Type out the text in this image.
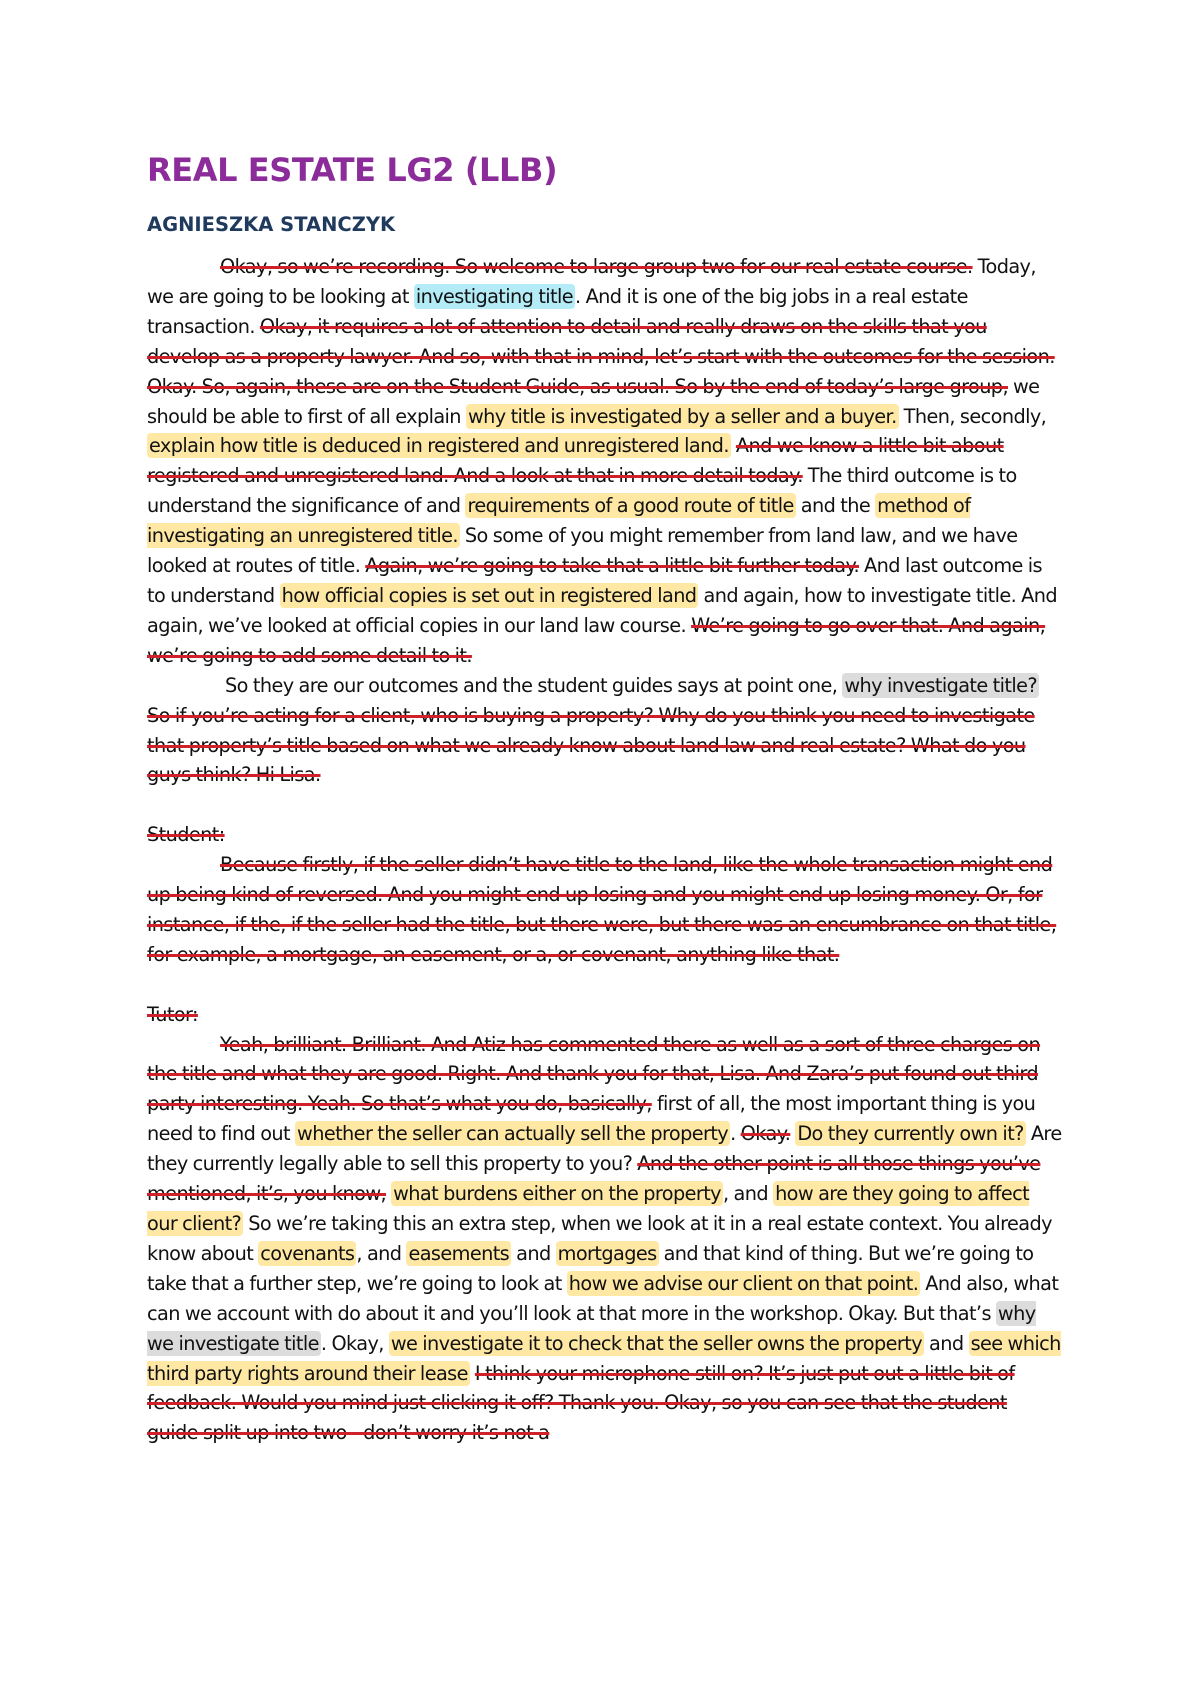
REAL ESTATE LG2 (LLB)
AGNIESZKA STANCZYK

Okay, so we’re recording. So welcome to large group two for our real estate course. Today, we are going to be looking at investigating title . And it is one of the big jobs in a real estate transaction. Okay, it requires a lot of attention to detail and really draws on the skills that you develop as a property lawyer. And so, with that in mind, let’s start with the outcomes for the session. Okay. So, again, these are on the Student Guide, as usual. So by the end of today’s large group, we should be able to first of all explain why title is investigated by a seller and a buyer. Then, secondly, explain how title is deduced in registered and unregistered land. And we know a little bit about registered and unregistered land. And a look at that in more detail today. The third outcome is to understand the significance of and requirements of a good route of title and the method of investigating an unregistered title. So some of you might remember from land law, and we have looked at routes of title. Again, we’re going to take that a little bit further today. And last outcome is to understand how official copies is set out in registered land and again, how to investigate title. And again, we’ve looked at official copies in our land law course. We’re going to go over that. And again, we’re going to add some detail to it.

So they are our outcomes and the student guides says at point one, why investigate title? So if you’re acting for a client, who is buying a property? Why do you think you need to investigate that property’s title based on what we already know about land law and real estate? What do you guys think? Hi Lisa.

Student:

Because firstly, if the seller didn’t have title to the land, like the whole transaction might end up being kind of reversed. And you might end up losing and you might end up losing money. Or, for instance, if the, if the seller had the title, but there were, but there was an encumbrance on that title, for example, a mortgage, an easement, or a, or covenant, anything like that.

Tutor:

Yeah, brilliant. Brilliant. And Atiz has commented there as well as a sort of three charges on the title and what they are good. Right. And thank you for that, Lisa. And Zara’s put found out third party interesting. Yeah. So that’s what you do, basically, first of all, the most important thing is you need to find out whether the seller can actually sell the property . Okay. Do they currently own it? Are they currently legally able to sell this property to you? And the other point is all those things you’ve mentioned, it’s, you know, what burdens either on the property , and how are they going to affect our client? So we’re taking this an extra step, when we look at it in a real estate context. You already know about covenants , and easements and mortgages and that kind of thing. But we’re going to take that a further step, we’re going to look at how we advise our client on that point. And also, what can we account with do about it and you’ll look at that more in the workshop. Okay. But that’s why we investigate title . Okay, we investigate it to check that the seller owns the property and see which third party rights around their lease I think your microphone still on? It’s just put out a little bit of feedback. Would you mind just clicking it off? Thank you. Okay, so you can see that the student guide split up into two - don’t worry it’s not a
